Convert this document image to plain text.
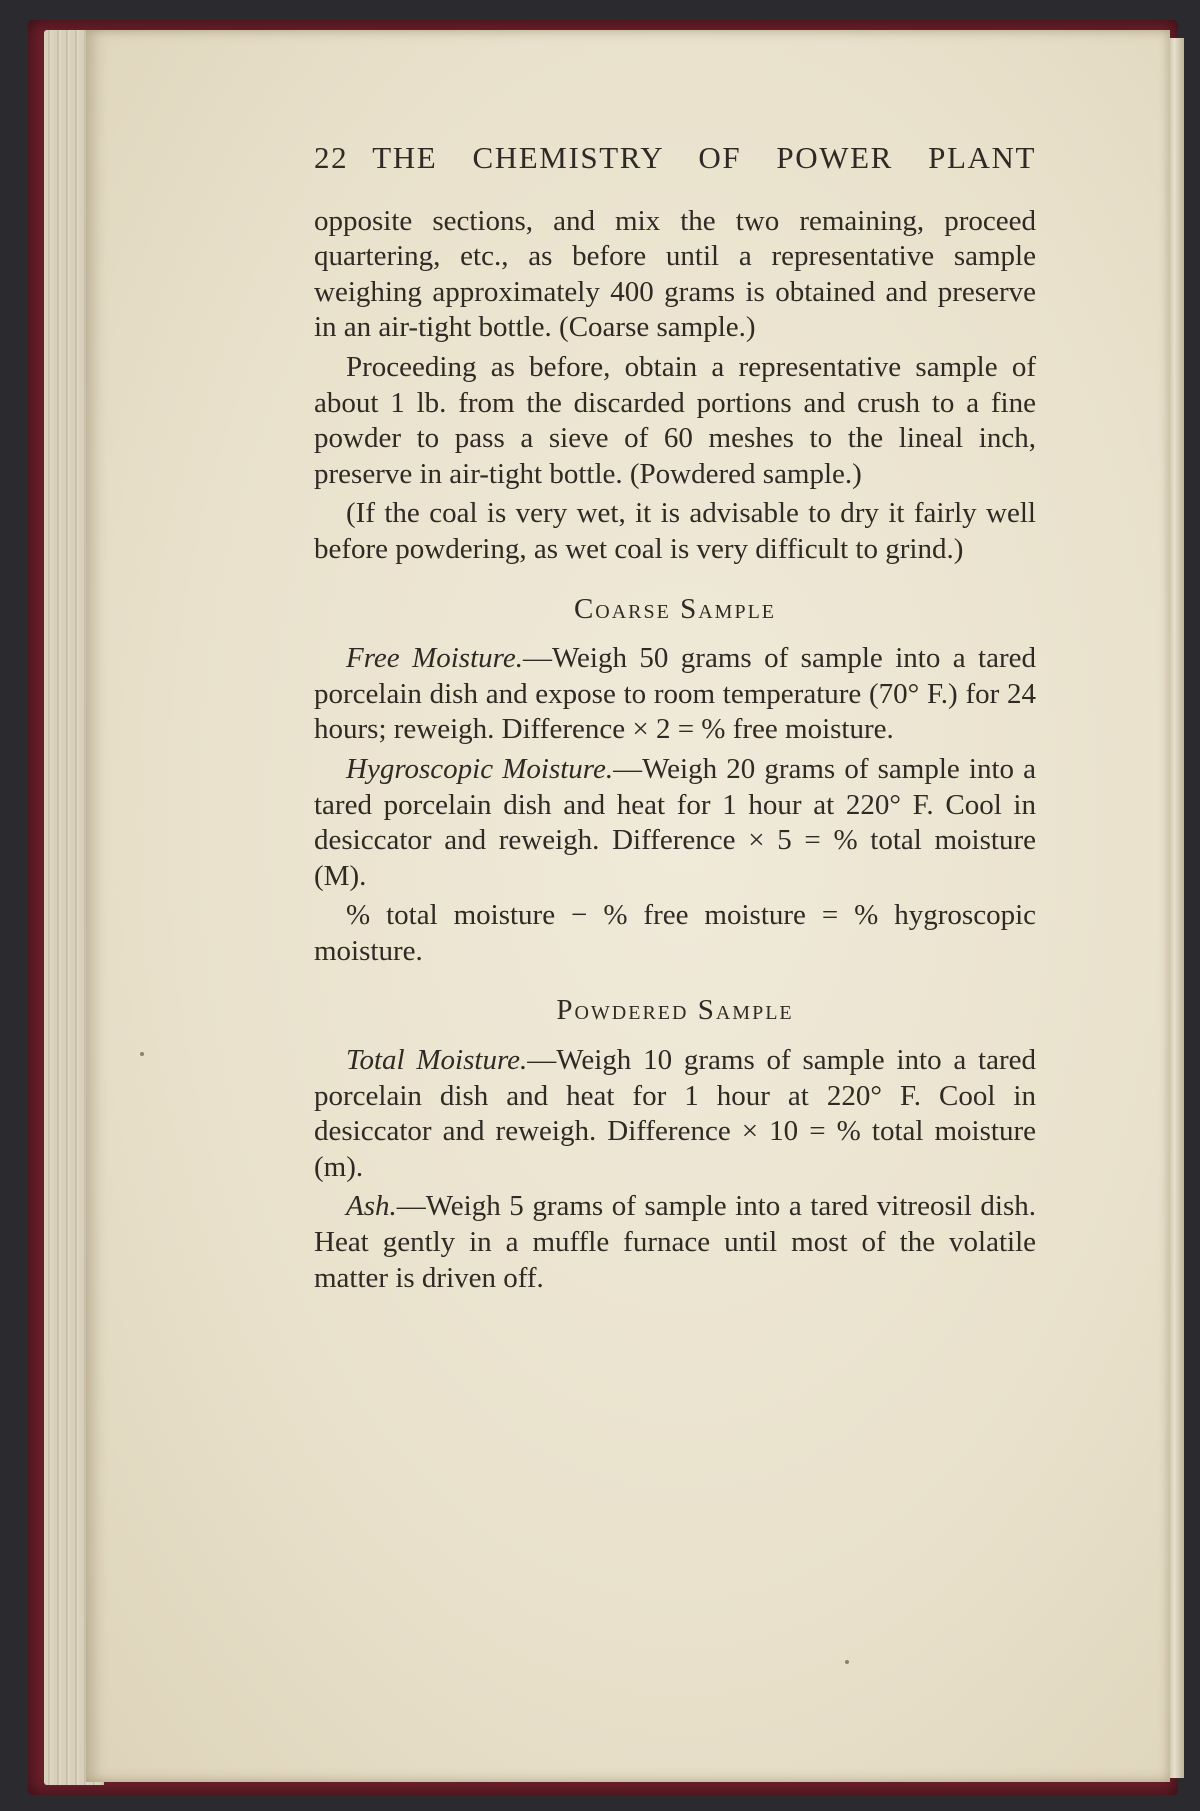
22 THE CHEMISTRY OF POWER PLANT

opposite sections, and mix the two remaining, proceed quartering, etc., as before until a representative sample weighing approximately 400 grams is obtained and preserve in an air-tight bottle. (Coarse sample.)

Proceeding as before, obtain a representative sample of about 1 lb. from the discarded portions and crush to a fine powder to pass a sieve of 60 meshes to the lineal inch, preserve in air-tight bottle. (Powdered sample.)

(If the coal is very wet, it is advisable to dry it fairly well before powdering, as wet coal is very difficult to grind.)

Coarse Sample

Free Moisture.—Weigh 50 grams of sample into a tared porcelain dish and expose to room temperature (70° F.) for 24 hours; reweigh. Difference × 2 = % free moisture.

Hygroscopic Moisture.—Weigh 20 grams of sample into a tared porcelain dish and heat for 1 hour at 220° F. Cool in desiccator and reweigh. Difference × 5 = % total moisture (M).

% total moisture − % free moisture = % hygroscopic moisture.

Powdered Sample

Total Moisture.—Weigh 10 grams of sample into a tared porcelain dish and heat for 1 hour at 220° F. Cool in desiccator and reweigh. Difference × 10 = % total moisture (m).

Ash.—Weigh 5 grams of sample into a tared vitreosil dish. Heat gently in a muffle furnace until most of the volatile matter is driven off.
